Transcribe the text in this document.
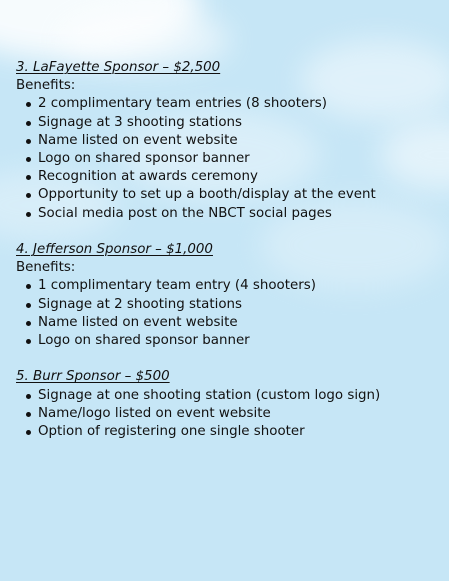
3. LaFayette Sponsor – $2,500
Benefits:
2 complimentary team entries (8 shooters)
Signage at 3 shooting stations
Name listed on event website
Logo on shared sponsor banner
Recognition at awards ceremony
Opportunity to set up a booth/display at the event
Social media post on the NBCT social pages
4. Jefferson Sponsor – $1,000
Benefits:
1 complimentary team entry (4 shooters)
Signage at 2 shooting stations
Name listed on event website
Logo on shared sponsor banner
5. Burr Sponsor – $500
Signage at one shooting station (custom logo sign)
Name/logo listed on event website
Option of registering one single shooter
